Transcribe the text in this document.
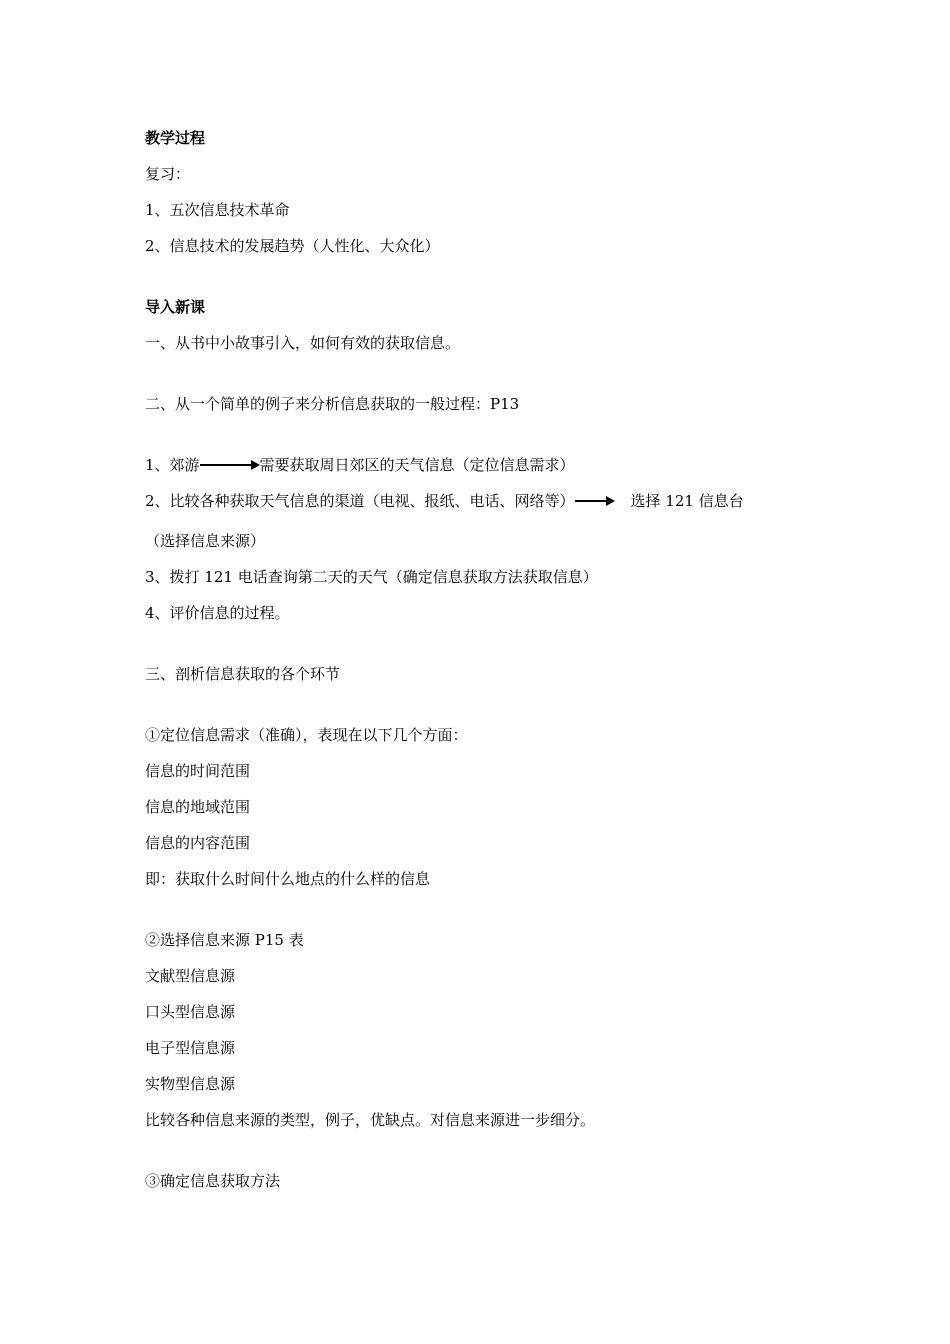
教学过程
复习：
1、五次信息技术革命
2、信息技术的发展趋势（人性化、大众化）
导入新课
一、从书中小故事引入，如何有效的获取信息。
二、从一个简单的例子来分析信息获取的一般过程：P13
1、郊游	需要获取周日郊区的天气信息（定位信息需求）
2、比较各种获取天气信息的渠道（电视、报纸、电话、网络等）	选择 121 信息台
（选择信息来源）
3、拨打 121 电话查询第二天的天气（确定信息获取方法获取信息）
4、评价信息的过程。
三、剖析信息获取的各个环节
①定位信息需求（准确），表现在以下几个方面：
信息的时间范围
信息的地域范围
信息的内容范围
即：获取什么时间什么地点的什么样的信息
②选择信息来源 P15 表
文献型信息源
口头型信息源
电子型信息源
实物型信息源
比较各种信息来源的类型，例子，优缺点。对信息来源进一步细分。
③确定信息获取方法
